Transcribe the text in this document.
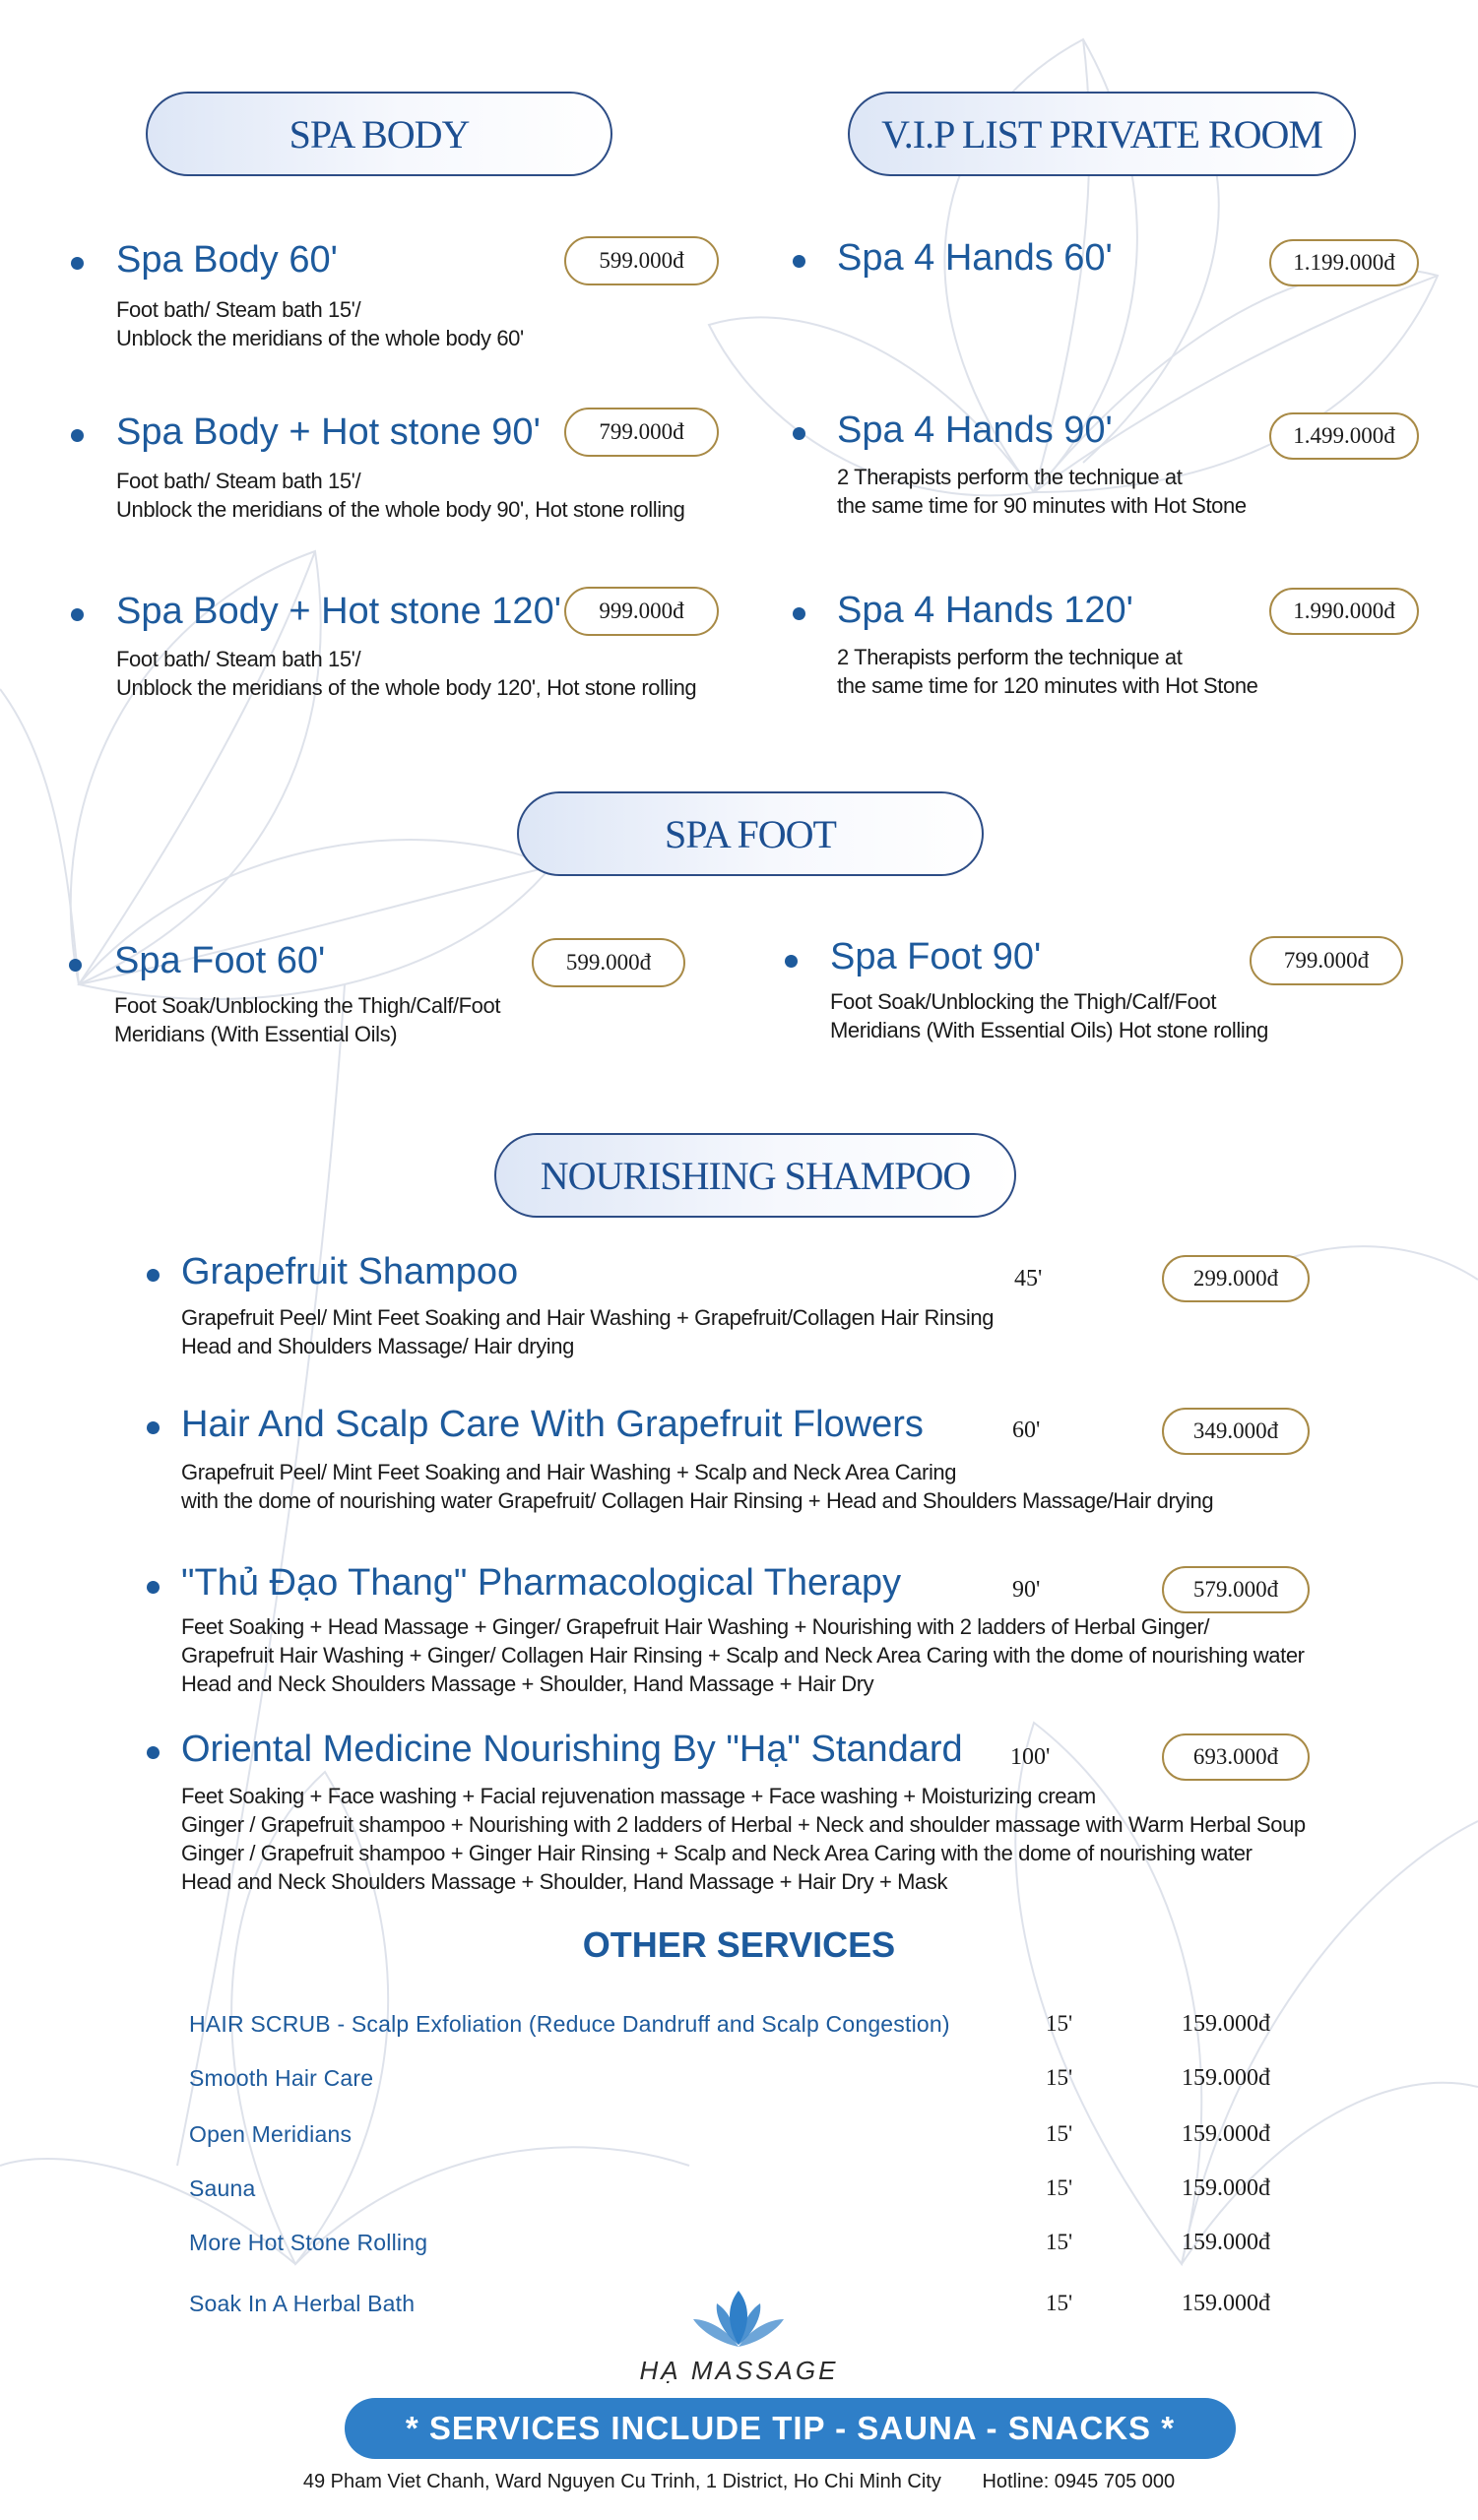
SPA BODY	V.I.P LIST PRIVATE ROOM
SPA FOOT
NOURISHING SHAMPOO
Spa Body 60'	599.000đ
Foot bath/ Steam bath 15'/
Unblock the meridians of the whole body 60'
Spa Body + Hot stone 90'	799.000đ
Foot bath/ Steam bath 15'/
Unblock the meridians of the whole body 90', Hot stone rolling
Spa Body + Hot stone 120'	999.000đ
Foot bath/ Steam bath 15'/
Unblock the meridians of the whole body 120', Hot stone rolling
Spa 4 Hands 60'	1.199.000đ
Spa 4 Hands 90'	1.499.000đ
2 Therapists perform the technique at
the same time for 90 minutes with Hot Stone
Spa 4 Hands 120'	1.990.000đ
2 Therapists perform the technique at
the same time for 120 minutes with Hot Stone
Spa Foot 60'	599.000đ
Foot Soak/Unblocking the Thigh/Calf/Foot
Meridians (With Essential Oils)
Spa Foot 90'	799.000đ
Foot Soak/Unblocking the Thigh/Calf/Foot
Meridians (With Essential Oils) Hot stone rolling
Grapefruit Shampoo	45'	299.000đ
Grapefruit Peel/ Mint Feet Soaking and Hair Washing + Grapefruit/Collagen Hair Rinsing
Head and Shoulders Massage/ Hair drying
Hair And Scalp Care With Grapefruit Flowers	60'	349.000đ
Grapefruit Peel/ Mint Feet Soaking and Hair Washing + Scalp and Neck Area Caring
with the dome of nourishing water Grapefruit/ Collagen Hair Rinsing + Head and Shoulders Massage/Hair drying
"Thủ Đạo Thang" Pharmacological Therapy	90'	579.000đ
Feet Soaking + Head Massage + Ginger/ Grapefruit Hair Washing + Nourishing with 2 ladders of Herbal Ginger/
Grapefruit Hair Washing + Ginger/ Collagen Hair Rinsing + Scalp and Neck Area Caring with the dome of nourishing water
Head and Neck Shoulders Massage + Shoulder, Hand Massage + Hair Dry
Oriental Medicine Nourishing By "Hạ" Standard 100'	693.000đ
Feet Soaking + Face washing + Facial rejuvenation massage + Face washing + Moisturizing cream
Ginger / Grapefruit shampoo + Nourishing with 2 ladders of Herbal + Neck and shoulder massage with Warm Herbal Soup
Ginger / Grapefruit shampoo + Ginger Hair Rinsing + Scalp and Neck Area Caring with the dome of nourishing water
Head and Neck Shoulders Massage + Shoulder, Hand Massage + Hair Dry + Mask
OTHER SERVICES
HAIR SCRUB - Scalp Exfoliation (Reduce Dandruff and Scalp Congestion)	15'	159.000đ
Smooth Hair Care	15'	159.000đ
Open Meridians	15'	159.000đ
Sauna	15'	159.000đ
More Hot Stone Rolling	15'	159.000đ
Soak In A Herbal Bath	15'	159.000đ
HẠ MASSAGE
* SERVICES INCLUDE TIP - SAUNA - SNACKS *
49 Pham Viet Chanh, Ward Nguyen Cu Trinh, 1 District, Ho Chi Minh City Hotline: 0945 705 000
